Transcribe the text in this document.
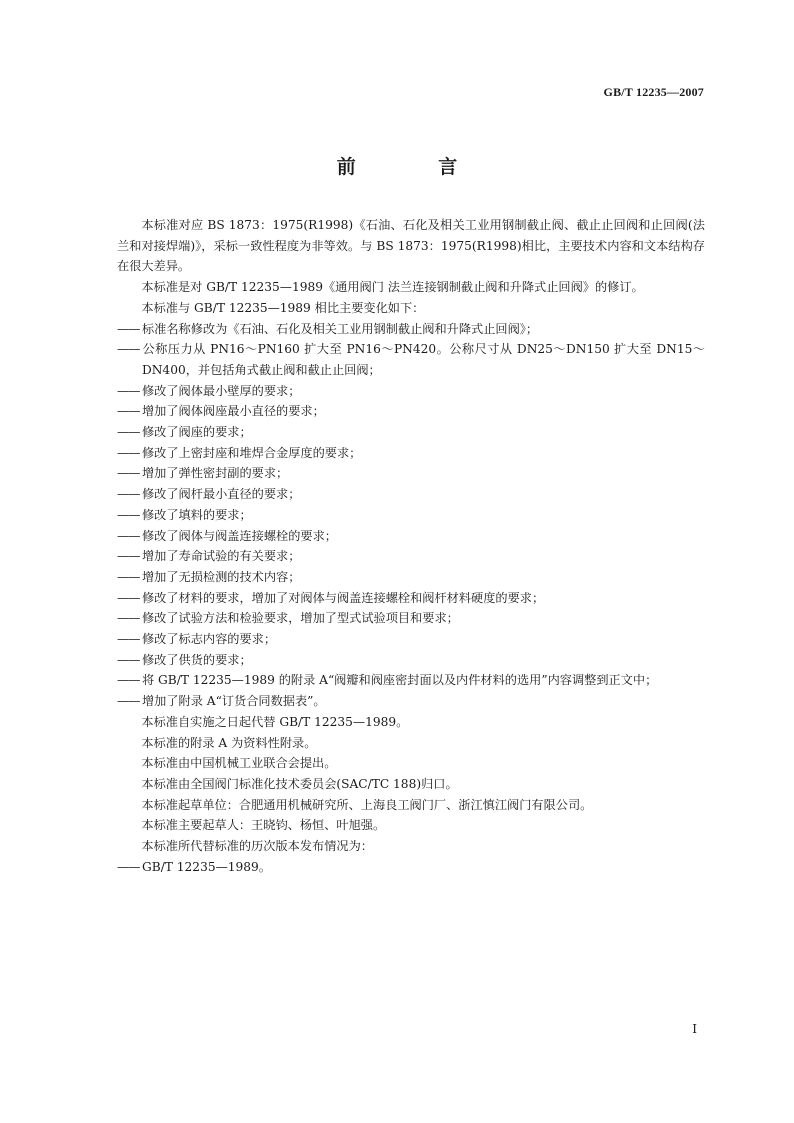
GB/T 12235—2007
前 言

本标准对应 BS 1873：1975(R1998)《石油、石化及相关工业用钢制截止阀、截止止回阀和止回阀(法兰和对接焊端)》，采标一致性程度为非等效。与 BS 1873：1975(R1998)相比，主要技术内容和文本结构存在很大差异。

本标准是对 GB/T 12235—1989《通用阀门 法兰连接钢制截止阀和升降式止回阀》的修订。

本标准与 GB/T 12235—1989 相比主要变化如下：

—— 标准名称修改为《石油、石化及相关工业用钢制截止阀和升降式止回阀》；

—— 公称压力从 PN16～PN160 扩大至 PN16～PN420。公称尺寸从 DN25～DN150 扩大至 DN15～DN400，并包括角式截止阀和截止止回阀；

—— 修改了阀体最小壁厚的要求；

—— 增加了阀体阀座最小直径的要求；

—— 修改了阀座的要求；

—— 修改了上密封座和堆焊合金厚度的要求；

—— 增加了弹性密封副的要求；

—— 修改了阀杆最小直径的要求；

—— 修改了填料的要求；

—— 修改了阀体与阀盖连接螺栓的要求；

—— 增加了寿命试验的有关要求；

—— 增加了无损检测的技术内容；

—— 修改了材料的要求，增加了对阀体与阀盖连接螺栓和阀杆材料硬度的要求；

—— 修改了试验方法和检验要求，增加了型式试验项目和要求；

—— 修改了标志内容的要求；

—— 修改了供货的要求；

—— 将 GB/T 12235—1989 的附录 A“阀瓣和阀座密封面以及内件材料的选用”内容调整到正文中；

—— 增加了附录 A“订货合同数据表”。

本标准自实施之日起代替 GB/T 12235—1989。

本标准的附录 A 为资料性附录。

本标准由中国机械工业联合会提出。

本标准由全国阀门标准化技术委员会(SAC/TC 188)归口。

本标准起草单位：合肥通用机械研究所、上海良工阀门厂、浙江慎江阀门有限公司。

本标准主要起草人：王晓钧、杨恒、叶旭强。

本标准所代替标准的历次版本发布情况为：

—— GB/T 12235—1989。

I
